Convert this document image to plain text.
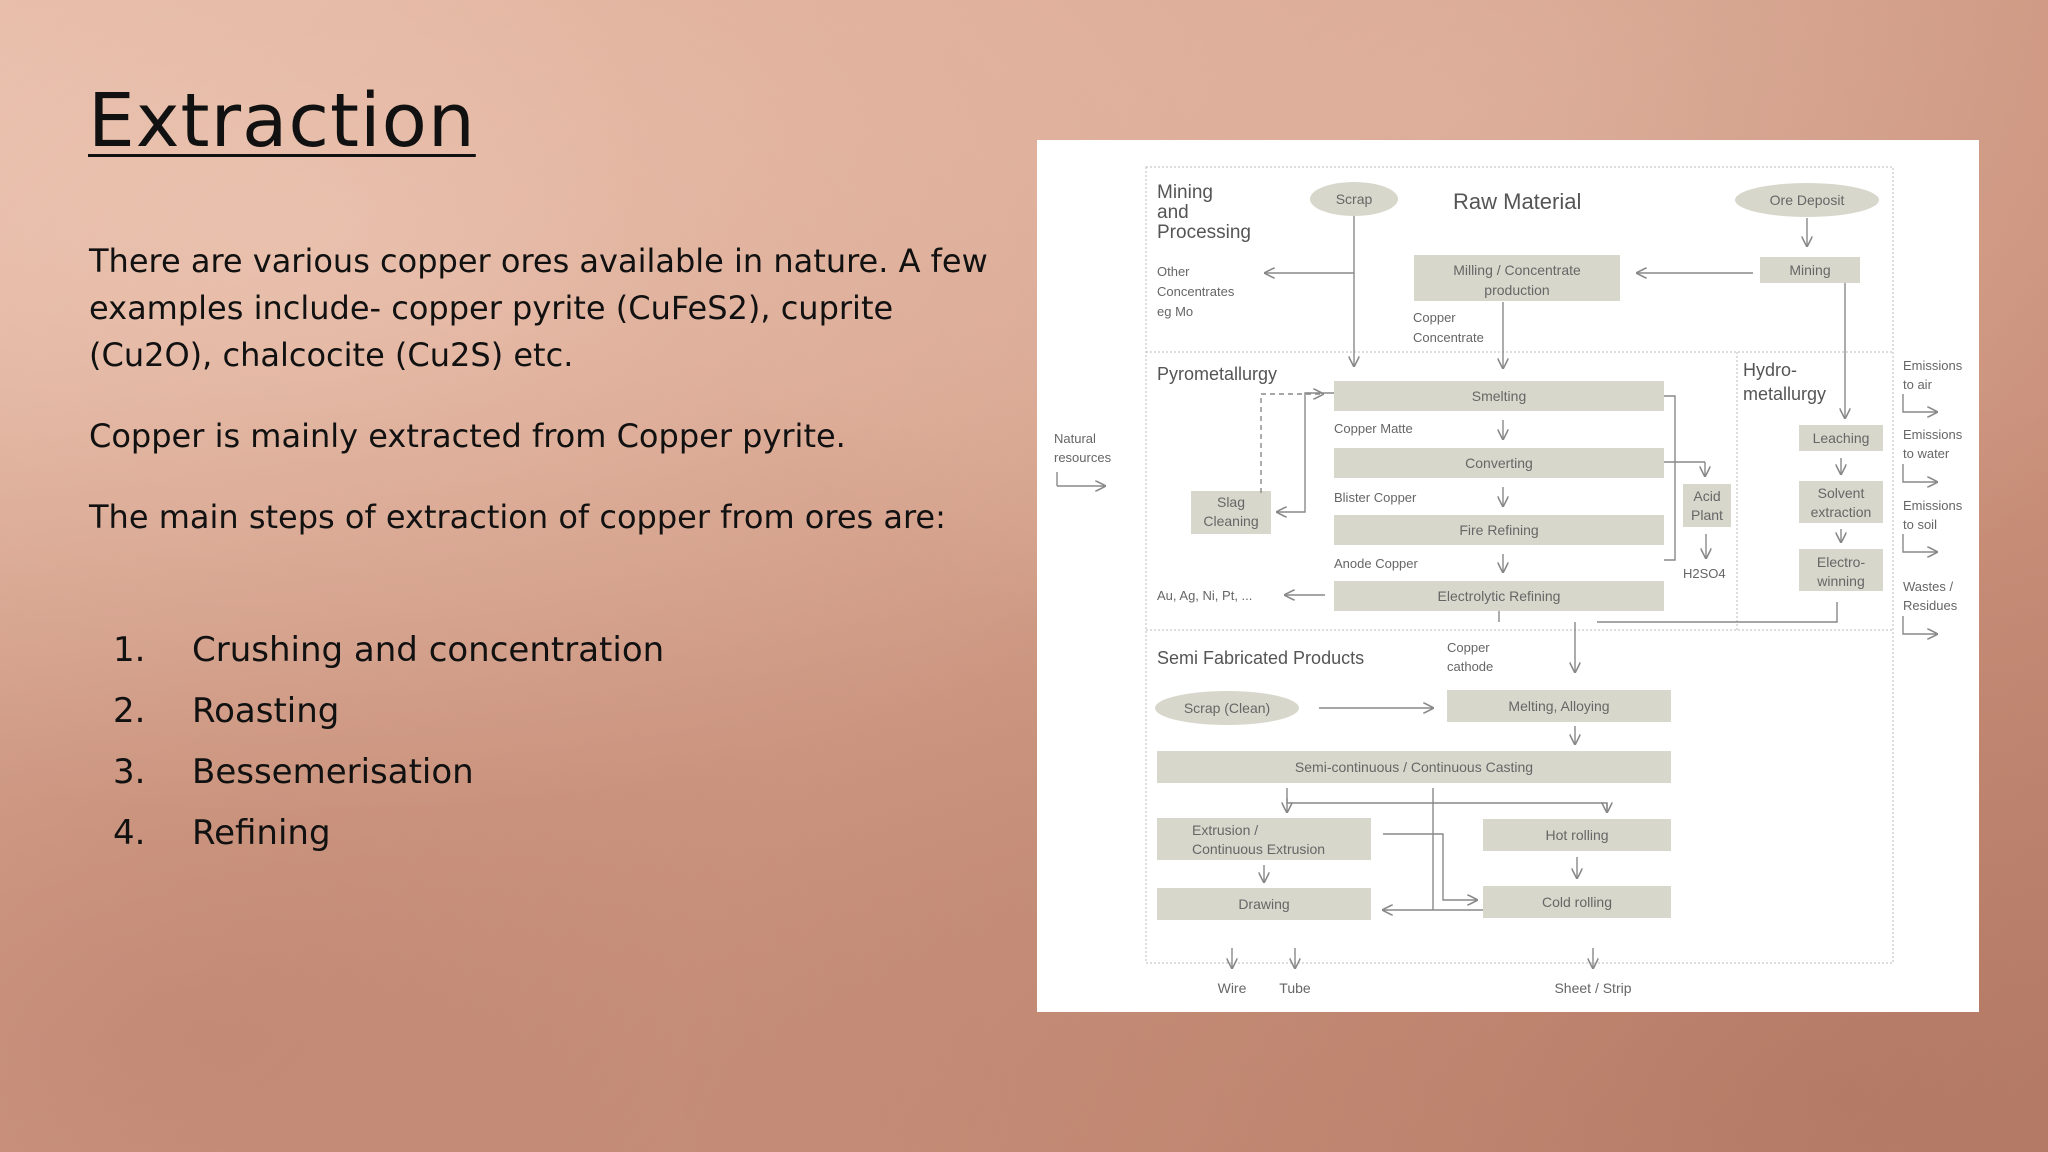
Extraction

There are various copper ores available in nature. A few examples include- copper pyrite (CuFeS2), cuprite (Cu2O), chalcocite (Cu2S) etc.

Copper is mainly extracted from Copper pyrite.

The main steps of extraction of copper from ores are:

1.	Crushing and concentration
2.	Roasting
3.	Bessemerisation
4.	Refining
Mining
and
Processing
Raw Material
Pyrometallurgy	Hydro-
metallurgy
Semi Fabricated Products
Scrap	Ore Deposit
Scrap (Clean)
Milling / Concentrate
production
Mining
Other
Concentrates
eg Mo	Copper
Concentrate
Smelting
Converting
Fire Refining
Electrolytic Refining
Slag
Cleaning
Acid
Plant
Copper Matte
Blister Copper
Anode Copper
H2SO4
Au, Ag, Ni, Pt, ...
Natural
resources
Leaching
Solvent
extraction
Electro-
winning
Emissions
to air
Emissions
to water
Emissions
to soil
Wastes /
Residues
Melting, Alloying
Semi-continuous / Continuous Casting
Extrusion /
Continuous Extrusion
Hot rolling
Drawing	Cold rolling
Copper
cathode
Wire Tube	Sheet / Strip
